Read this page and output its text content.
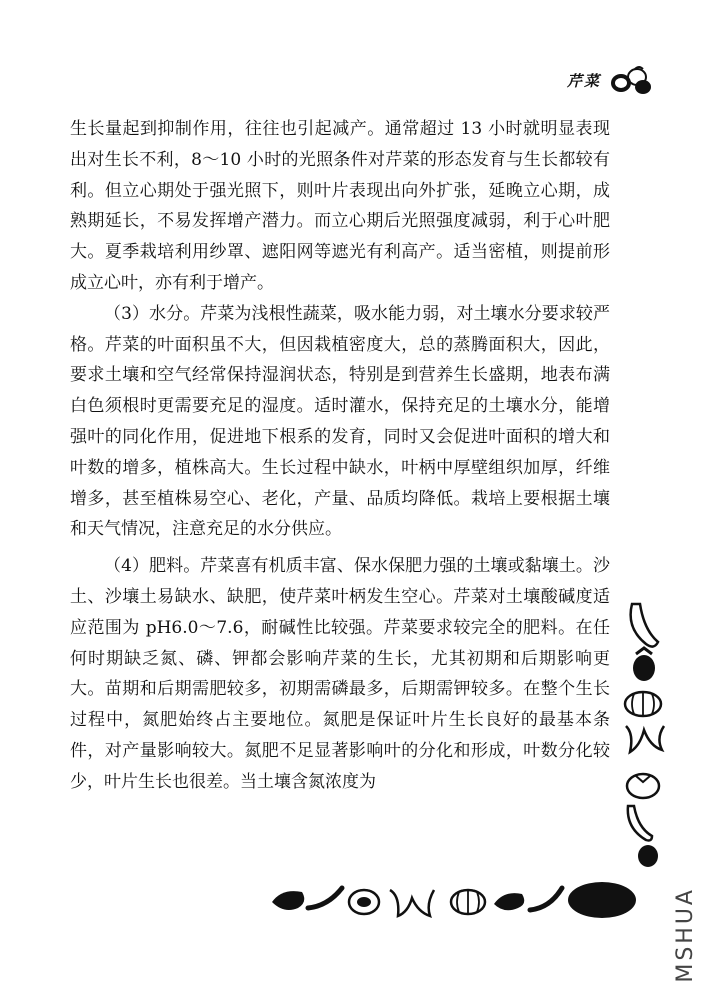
芹菜

生长量起到抑制作用，往往也引起减产。通常超过 13 小时就明显表现出对生长不利，8～10 小时的光照条件对芹菜的形态发育与生长都较有利。但立心期处于强光照下，则叶片表现出向外扩张，延晚立心期，成熟期延长，不易发挥增产潜力。而立心期后光照强度减弱，利于心叶肥大。夏季栽培利用纱罩、遮阳网等遮光有利高产。适当密植，则提前形成立心叶，亦有利于增产。

（3）水分。芹菜为浅根性蔬菜，吸水能力弱，对土壤水分要求较严格。芹菜的叶面积虽不大，但因栽植密度大，总的蒸腾面积大，因此，要求土壤和空气经常保持湿润状态，特别是到营养生长盛期，地表布满白色须根时更需要充足的湿度。适时灌水，保持充足的土壤水分，能增强叶的同化作用，促进地下根系的发育，同时又会促进叶面积的增大和叶数的增多，植株高大。生长过程中缺水，叶柄中厚壁组织加厚，纤维增多，甚至植株易空心、老化，产量、品质均降低。栽培上要根据土壤和天气情况，注意充足的水分供应。

（4）肥料。芹菜喜有机质丰富、保水保肥力强的土壤或黏壤土。沙土、沙壤土易缺水、缺肥，使芹菜叶柄发生空心。芹菜对土壤酸碱度适应范围为 pH6.0～7.6，耐碱性比较强。芹菜要求较完全的肥料。在任何时期缺乏氮、磷、钾都会影响芹菜的生长，尤其初期和后期影响更大。苗期和后期需肥较多，初期需磷最多，后期需钾较多。在整个生长过程中，氮肥始终占主要地位。氮肥是保证叶片生长良好的最基本条件，对产量影响较大。氮肥不足显著影响叶的分化和形成，叶数分化较少，叶片生长也很差。当土壤含氮浓度为

MSHUA
